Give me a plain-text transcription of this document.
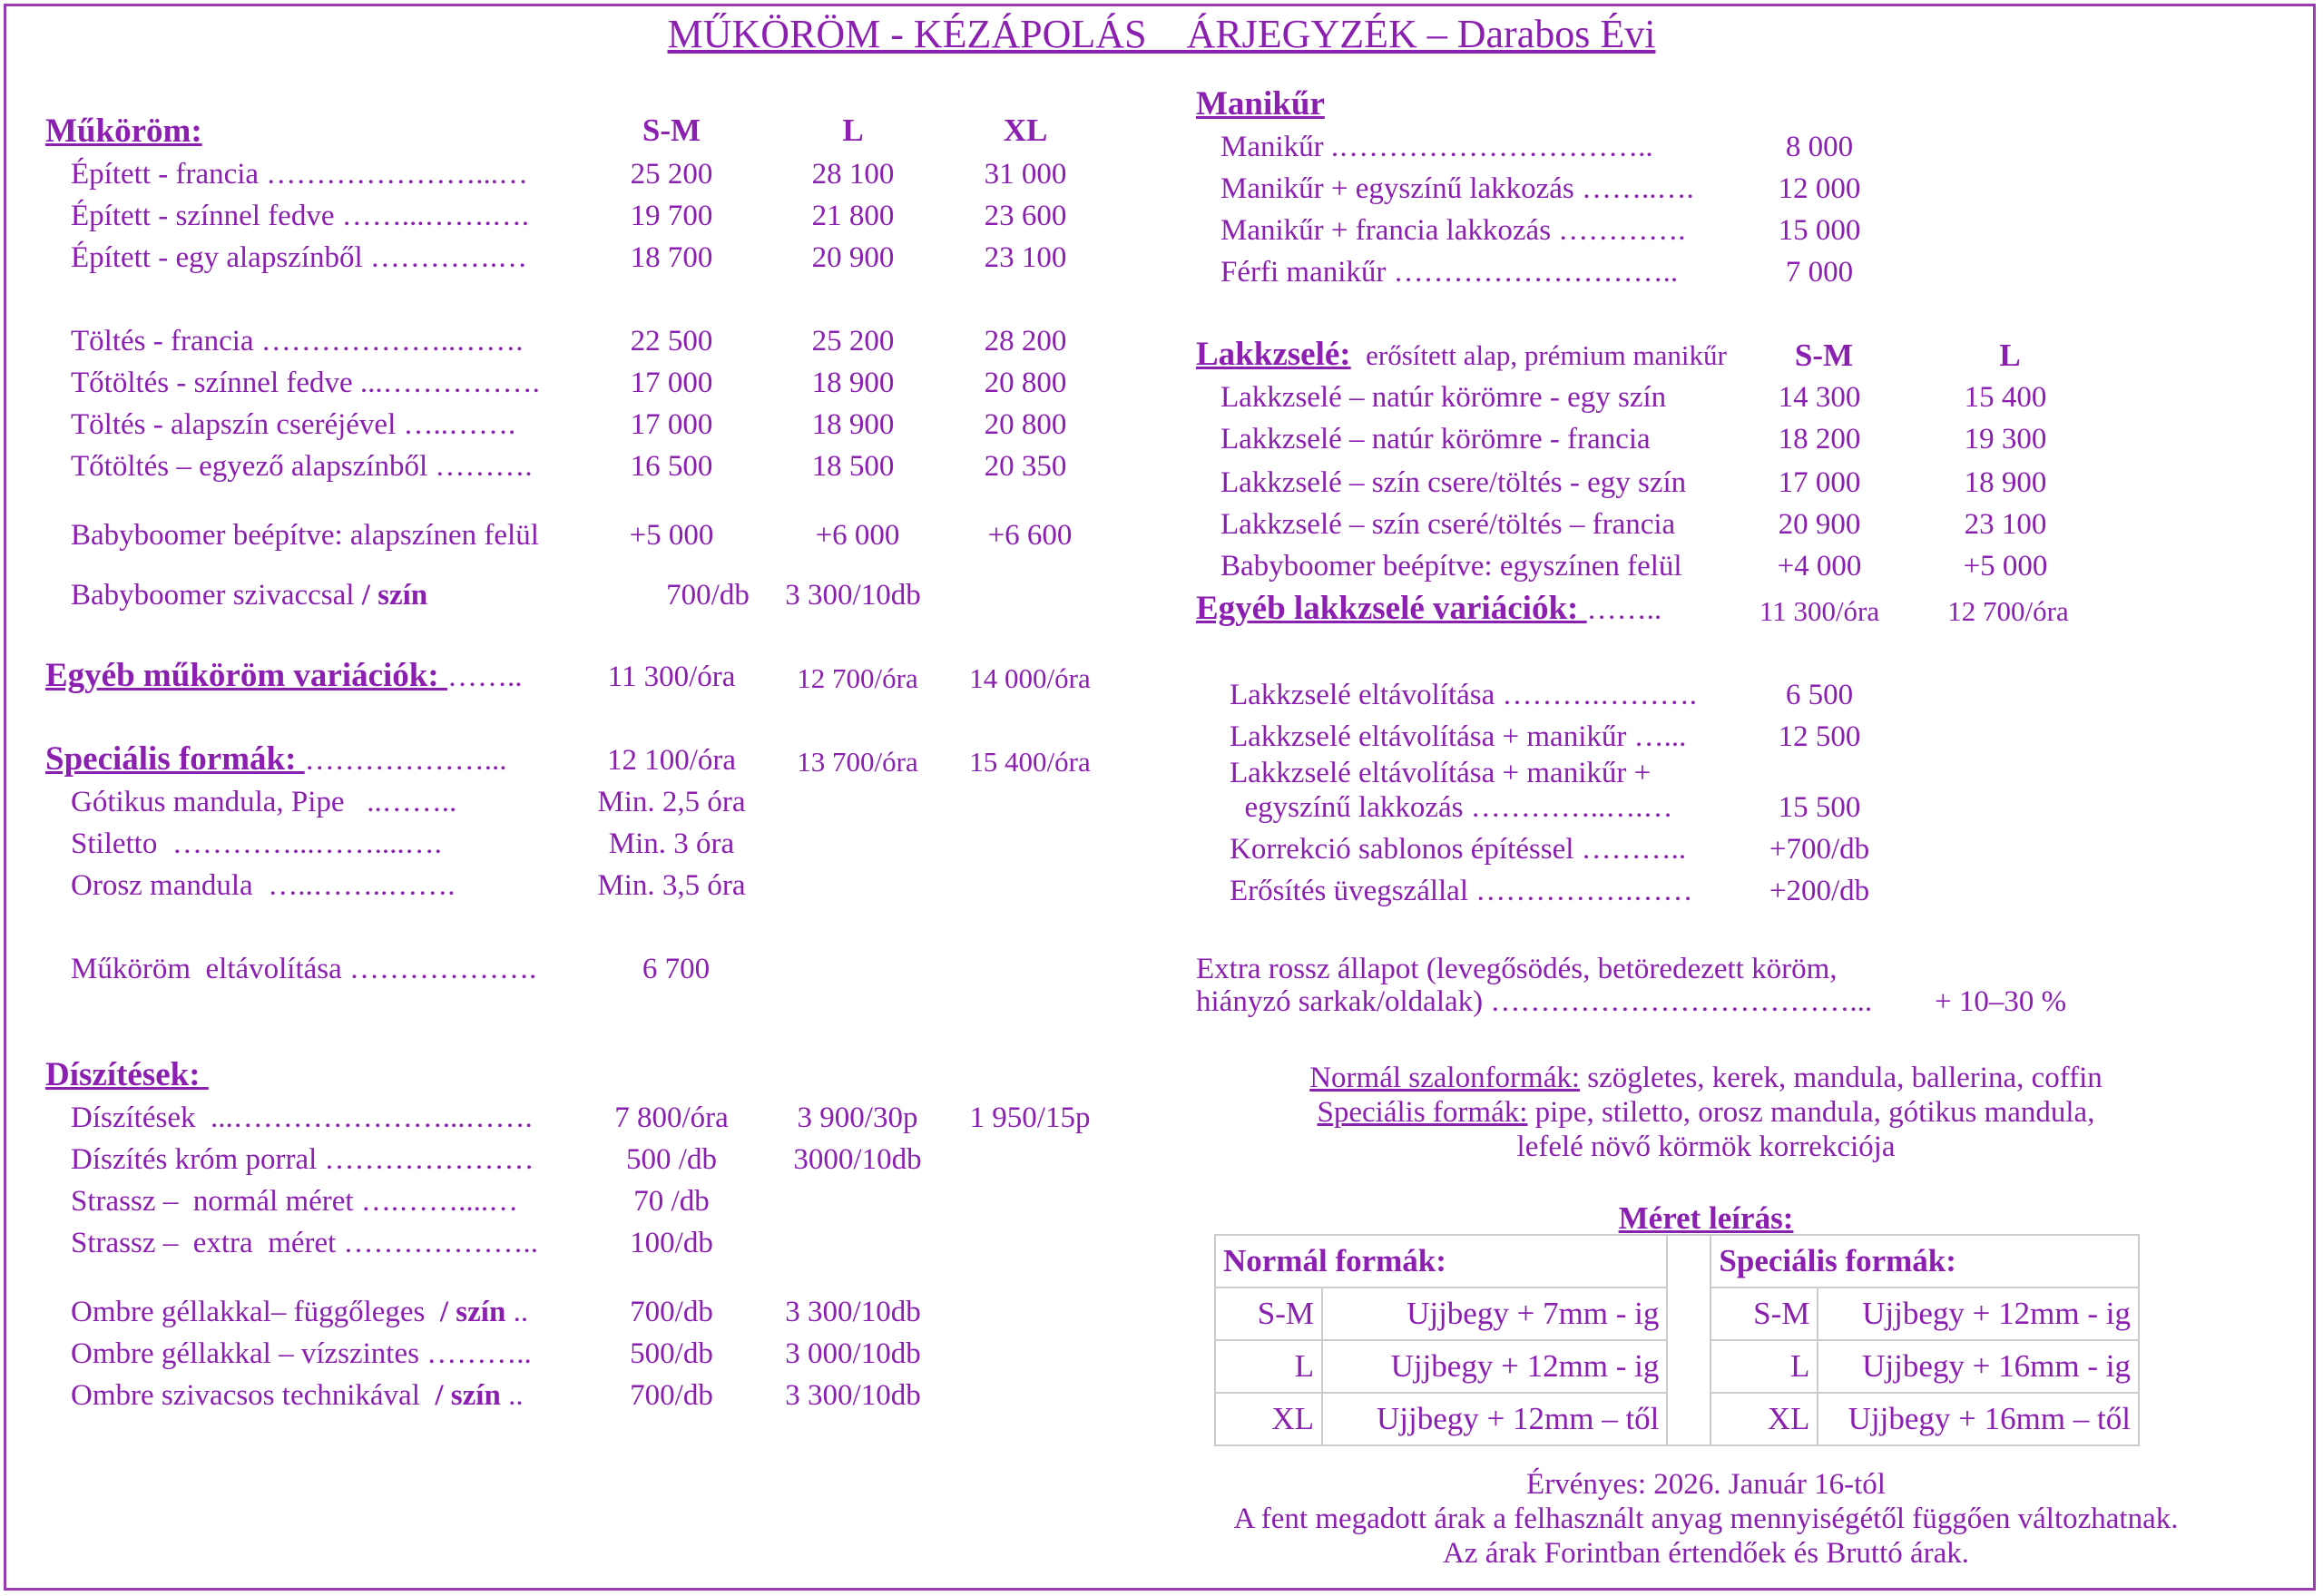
MŰKÖRÖM - KÉZÁPOLÁS    ÁRJEGYZÉK – Darabos Évi
Műköröm:	S-M	L	XL
Épített - francia …………………...…	25 200	28 100	31 000
Épített - színnel fedve ……...…….….	19 700	21 800	23 600
Épített - egy alapszínből ………….…	18 700	20 900	23 100
Töltés - francia ………………..…….	22 500	25 200	28 200
Tőtöltés - színnel fedve ...…………….	17 000	18 900	20 800
Töltés - alapszín cseréjével …..…….	17 000	18 900	20 800
Tőtöltés – egyező alapszínből ……….	16 500	18 500	20 350
Babyboomer beépítve: alapszínen felül	+5 000	+6 000	+6 600
Babyboomer szivaccsal / szín	700/db	3 300/10db
Egyéb műköröm variációk: ……..	11 300/óra	12 700/óra	14 000/óra
Speciális formák: ………………...	12 100/óra	13 700/óra	15 400/óra
Gótikus mandula, Pipe   ..……..	Min. 2,5 óra
Stiletto  …………...……....….	Min. 3 óra
Orosz mandula  …..……..…….	Min. 3,5 óra
Műköröm  eltávolítása ……………….	6 700
Díszítések:
Díszítések  ...…………………...…….	7 800/óra	3 900/30p	1 950/15p
Díszítés króm porral …………………	500 /db	3000/10db
Strassz –  normál méret ….……....…	70 /db
Strassz –  extra  méret ………………..	100/db
Ombre géllakkal– függőleges  / szín ..	700/db	3 300/10db
Ombre géllakkal – vízszintes ………..	500/db	3 000/10db
Ombre szivacsos technikával  / szín ..	700/db	3 300/10db
Manikűr
Manikűr .…………………………..	8 000
Manikűr + egyszínű lakkozás ……..….	12 000
Manikűr + francia lakkozás ………….	15 000
Férfi manikűr ………………………..	7 000
Lakkzselé: erősített alap, prémium manikűr	S-M	L
Lakkzselé – natúr körömre - egy szín	14 300	15 400
Lakkzselé – natúr körömre - francia	18 200	19 300
Lakkzselé – szín csere/töltés - egy szín	17 000	18 900
Lakkzselé – szín cseré/töltés – francia	20 900	23 100
Babyboomer beépítve: egyszínen felül	+4 000	+5 000
Egyéb lakkzselé variációk: ……..	11 300/óra	12 700/óra
Lakkzselé eltávolítása ……….……….	6 500
Lakkzselé eltávolítása + manikűr …...	12 500
Lakkzselé eltávolítása + manikűr +
egyszínű lakkozás …………..….…	15 500
Korrekció sablonos építéssel ………..	+700/db
Erősítés üvegszállal …………….……	+200/db
Extra rossz állapot (levegősödés, betöredezett köröm,
hiányzó sarkak/oldalak) ………………………………... + 10–30 %
Normál szalonformák: szögletes, kerek, mandula, ballerina, coffin
Speciális formák: pipe, stiletto, orosz mandula, gótikus mandula,
lefelé növő körmök korrekciója
Méret leírás:
Normál formák:			Speciális formák:	
S-M	Ujjbegy + 7mm - ig		S-M	Ujjbegy + 12mm - ig
L	Ujjbegy + 12mm - ig		L	Ujjbegy + 16mm - ig
XL	Ujjbegy + 12mm – től		XL	Ujjbegy + 16mm – től
Érvényes: 2026. Január 16-tól
A fent megadott árak a felhasznált anyag mennyiségétől függően változhatnak.
Az árak Forintban értendőek és Bruttó árak.
